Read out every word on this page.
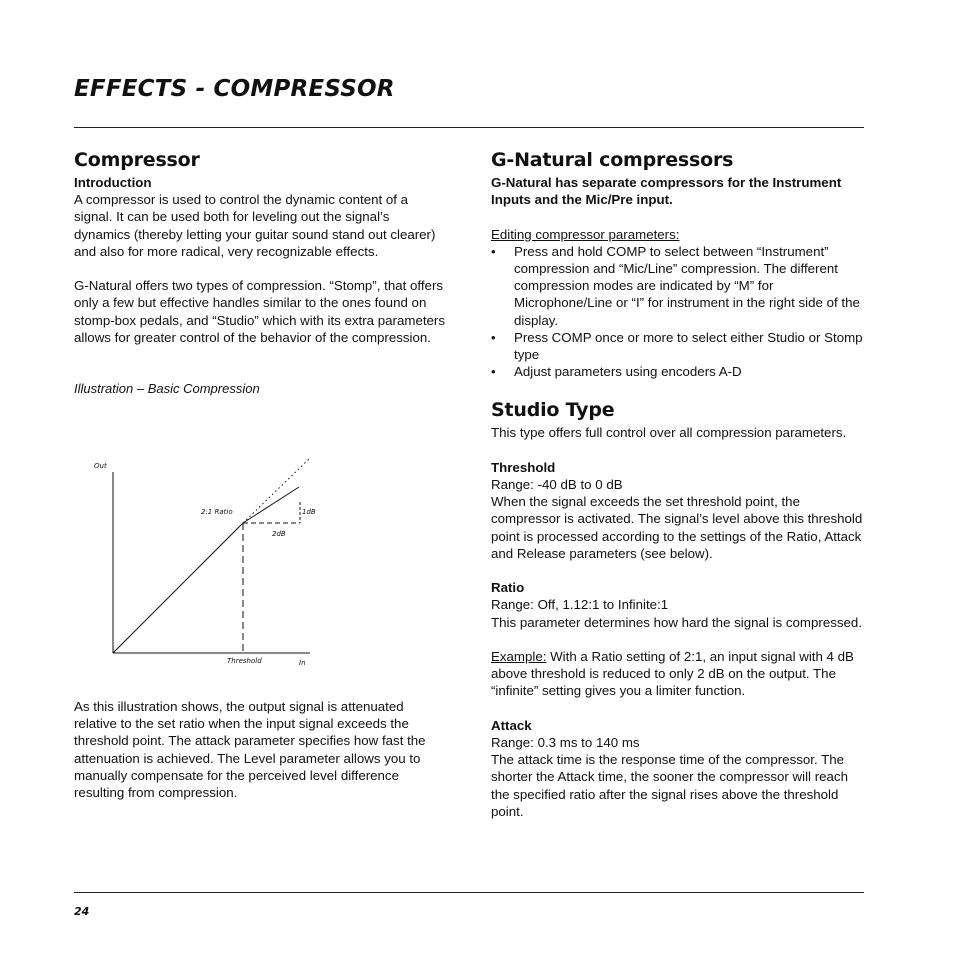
EFFECTS - COMPRESSOR
Compressor
Introduction

A compressor is used to control the dynamic content of a signal. It can be used both for leveling out the signal’s dynamics (thereby letting your guitar sound stand out clearer) and also for more radical, very recognizable effects.

G-Natural offers two types of compression. “Stomp”, that offers only a few but effective handles similar to the ones found on stomp-box pedals, and “Studio” which with its extra parameters allows for greater control of the behavior of the compression.

Illustration – Basic Compression

Out
In
Threshold
2:1 Ratio	1dB
2dB

As this illustration shows, the output signal is attenuated relative to the set ratio when the input signal exceeds the threshold point. The attack parameter specifies how fast the attenuation is achieved. The Level parameter allows you to manually compensate for the perceived level difference resulting from compression.

G-Natural compressors

G-Natural has separate compressors for the Instrument Inputs and the Mic/Pre input.

Editing compressor parameters:

• Press and hold COMP to select between “Instrument” compression and “Mic/Line” compression. The different compression modes are indicated by “M” for Microphone/Line or “I” for instrument in the right side of the display.
• Press COMP once or more to select either Studio or Stomp type
• Adjust parameters using encoders A-D
Studio Type

This type offers full control over all compression parameters.

Threshold

Range: -40 dB to 0 dB

When the signal exceeds the set threshold point, the compressor is activated. The signal’s level above this threshold point is processed according to the settings of the Ratio, Attack and Release parameters (see below).

Ratio

Range: Off, 1.12:1 to Infinite:1

This parameter determines how hard the signal is compressed.

Example: With a Ratio setting of 2:1, an input signal with 4 dB above threshold is reduced to only 2 dB on the output. The “infinite” setting gives you a limiter function.

Attack

Range: 0.3 ms to 140 ms

The attack time is the response time of the compressor. The shorter the Attack time, the sooner the compressor will reach the specified ratio after the signal rises above the threshold point.

24
